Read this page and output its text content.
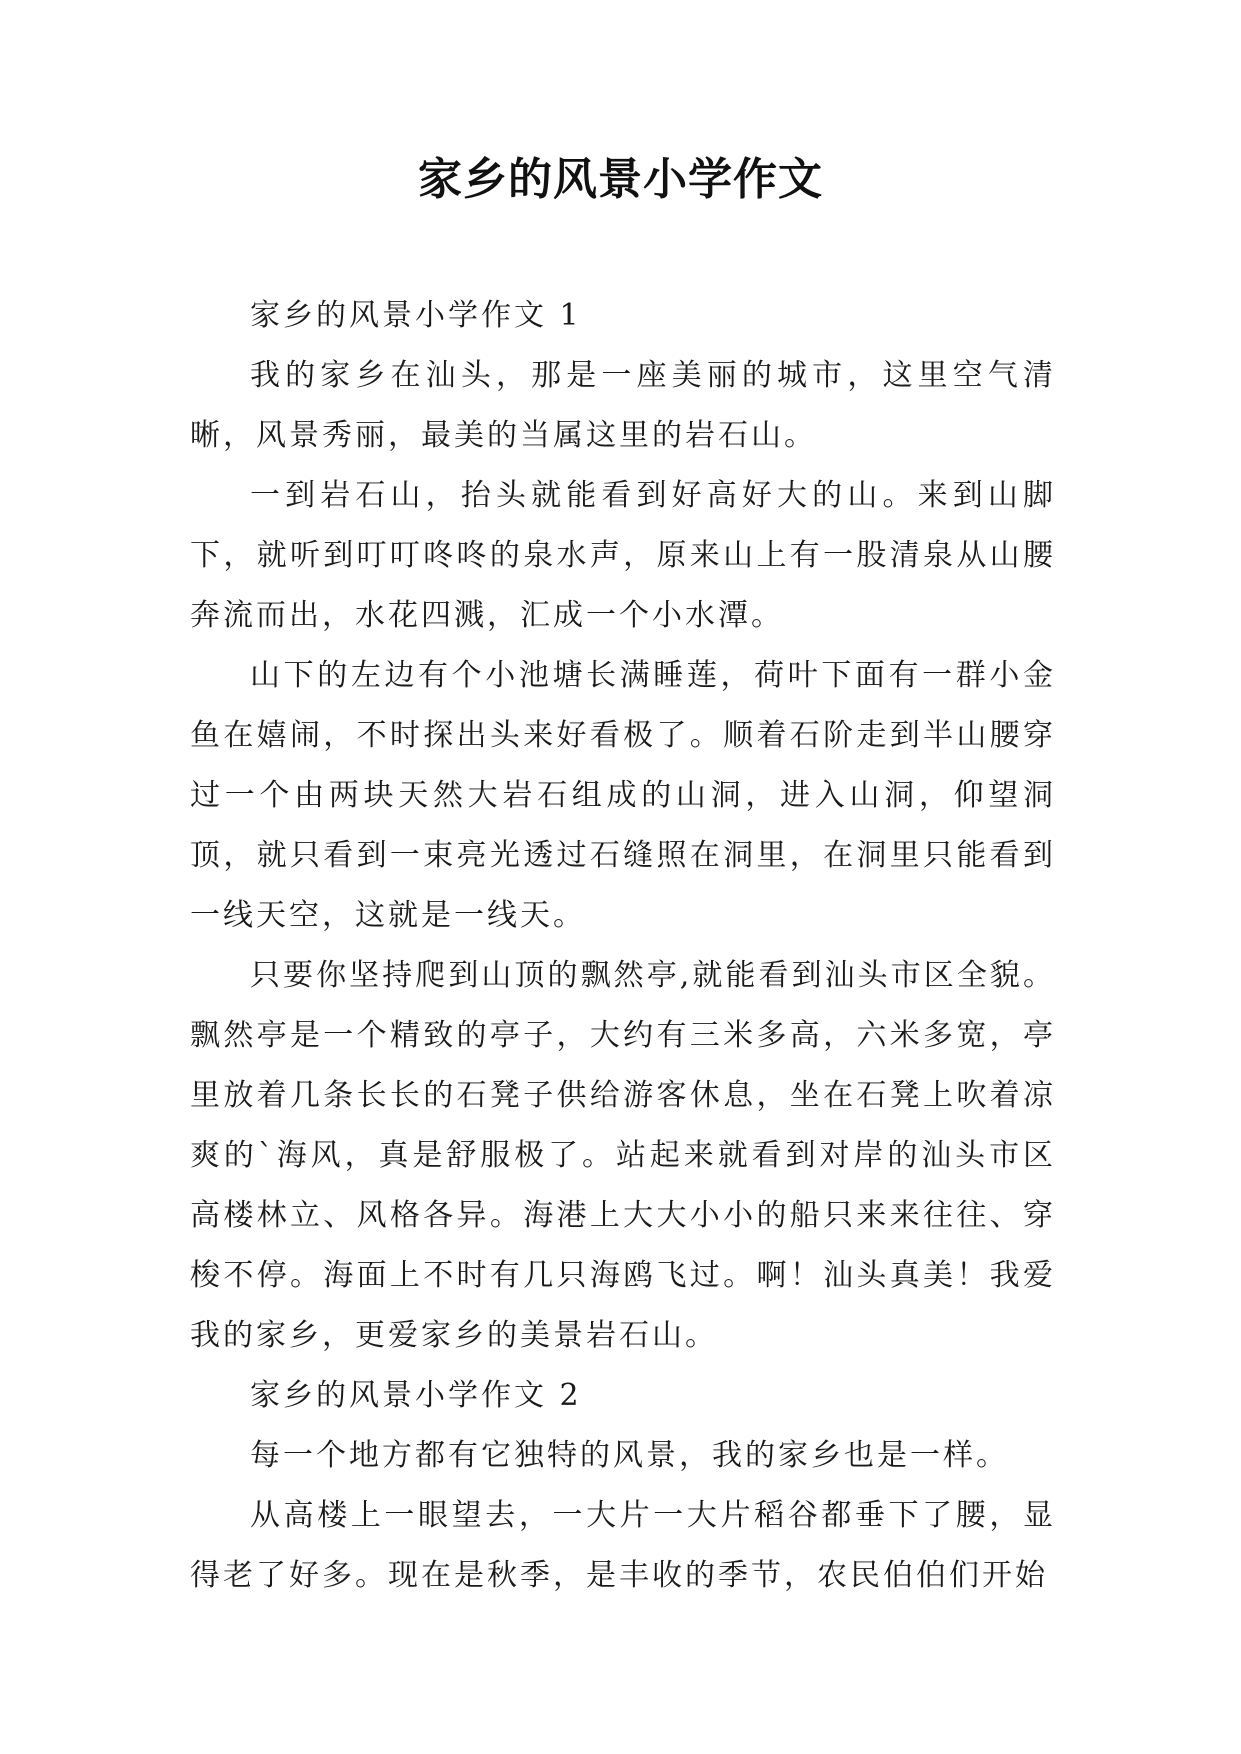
家乡的风景小学作文

家乡的风景小学作文 1

我的家乡在汕头，那是一座美丽的城市，这里空气清晰，风景秀丽，最美的当属这里的岩石山。

一到岩石山，抬头就能看到好高好大的山。来到山脚下，就听到叮叮咚咚的泉水声，原来山上有一股清泉从山腰奔流而出，水花四溅，汇成一个小水潭。

山下的左边有个小池塘长满睡莲，荷叶下面有一群小金鱼在嬉闹，不时探出头来好看极了。顺着石阶走到半山腰穿过一个由两块天然大岩石组成的山洞，进入山洞，仰望洞顶，就只看到一束亮光透过石缝照在洞里，在洞里只能看到一线天空，这就是一线天。

只要你坚持爬到山顶的飘然亭,就能看到汕头市区全貌。飘然亭是一个精致的亭子，大约有三米多高，六米多宽，亭里放着几条长长的石凳子供给游客休息，坐在石凳上吹着凉爽的`海风，真是舒服极了。站起来就看到对岸的汕头市区高楼林立、风格各异。海港上大大小小的船只来来往往、穿梭不停。海面上不时有几只海鸥飞过。啊！汕头真美！我爱我的家乡，更爱家乡的美景岩石山。

家乡的风景小学作文 2

每一个地方都有它独特的风景，我的家乡也是一样。

从高楼上一眼望去，一大片一大片稻谷都垂下了腰，显得老了好多。现在是秋季，是丰收的季节，农民伯伯们开始
